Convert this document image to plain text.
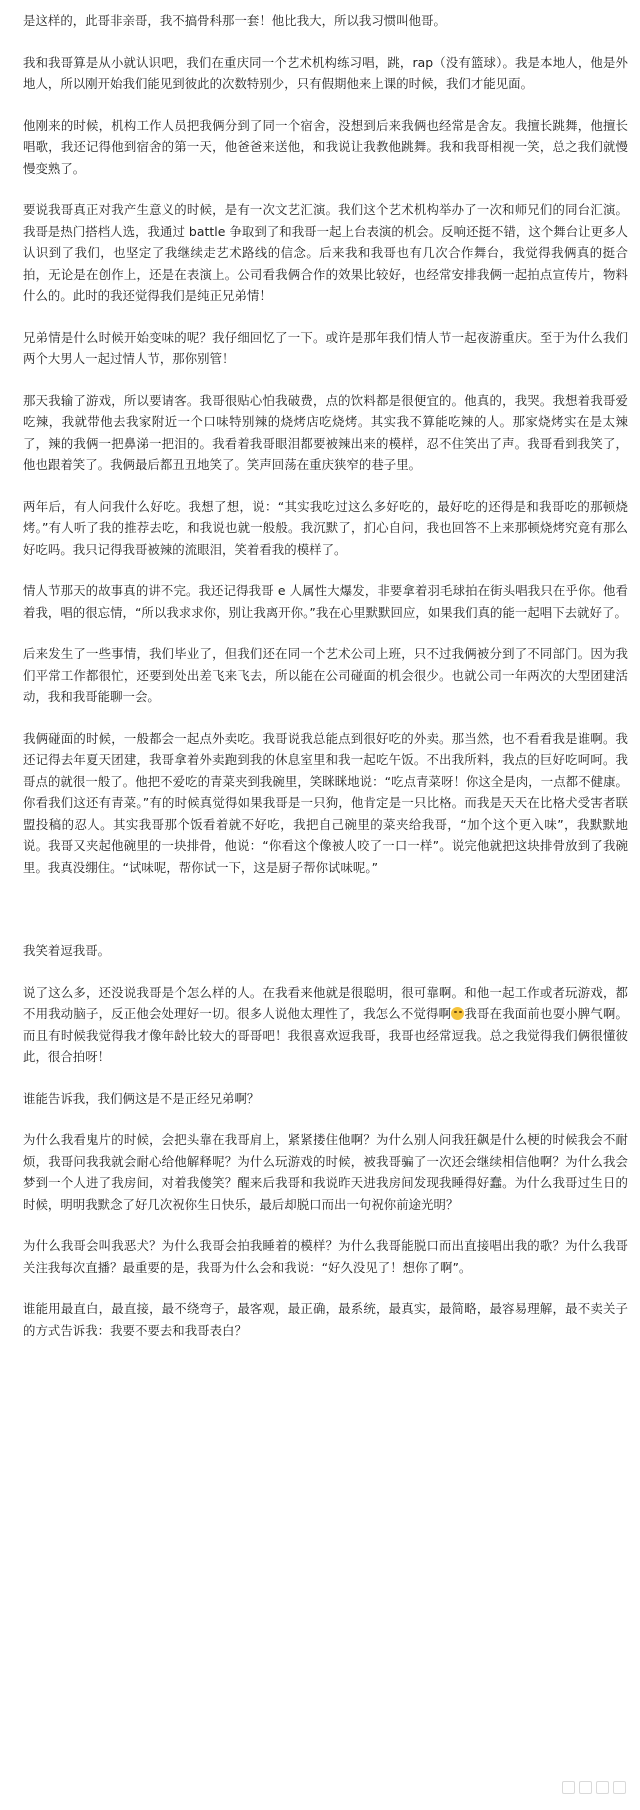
是这样的，此哥非亲哥，我不搞骨科那一套！他比我大，所以我习惯叫他哥。

我和我哥算是从小就认识吧，我们在重庆同一个艺术机构练习唱，跳，rap（没有篮球）。我是本地人，他是外地人，所以刚开始我们能见到彼此的次数特别少，只有假期他来上课的时候，我们才能见面。

他刚来的时候，机构工作人员把我俩分到了同一个宿舍，没想到后来我俩也经常是舍友。我擅长跳舞，他擅长唱歌，我还记得他到宿舍的第一天，他爸爸来送他，和我说让我教他跳舞。我和我哥相视一笑，总之我们就慢慢变熟了。

要说我哥真正对我产生意义的时候，是有一次文艺汇演。我们这个艺术机构举办了一次和师兄们的同台汇演。我哥是热门搭档人选，我通过 battle 争取到了和我哥一起上台表演的机会。反响还挺不错，这个舞台让更多人认识到了我们，也坚定了我继续走艺术路线的信念。后来我和我哥也有几次合作舞台，我觉得我俩真的挺合拍，无论是在创作上，还是在表演上。公司看我俩合作的效果比较好，也经常安排我俩一起拍点宣传片，物料什么的。此时的我还觉得我们是纯正兄弟情！

兄弟情是什么时候开始变味的呢？我仔细回忆了一下。或许是那年我们情人节一起夜游重庆。至于为什么我们两个大男人一起过情人节，那你别管！

那天我输了游戏，所以要请客。我哥很贴心怕我破费，点的饮料都是很便宜的。他真的，我哭。我想着我哥爱吃辣，我就带他去我家附近一个口味特别辣的烧烤店吃烧烤。其实我不算能吃辣的人。那家烧烤实在是太辣了，辣的我俩一把鼻涕一把泪的。我看着我哥眼泪都要被辣出来的模样，忍不住笑出了声。我哥看到我笑了，他也跟着笑了。我俩最后都丑丑地笑了。笑声回荡在重庆狭窄的巷子里。

两年后，有人问我什么好吃。我想了想，说：“其实我吃过这么多好吃的，最好吃的还得是和我哥吃的那顿烧烤。”有人听了我的推荐去吃，和我说也就一般般。我沉默了，扪心自问，我也回答不上来那顿烧烤究竟有那么好吃吗。我只记得我哥被辣的流眼泪，笑着看我的模样了。

情人节那天的故事真的讲不完。我还记得我哥 e 人属性大爆发，非要拿着羽毛球拍在街头唱我只在乎你。他看着我，唱的很忘情，“所以我求求你，别让我离开你。”我在心里默默回应，如果我们真的能一起唱下去就好了。

后来发生了一些事情，我们毕业了，但我们还在同一个艺术公司上班，只不过我俩被分到了不同部门。因为我们平常工作都很忙，还要到处出差飞来飞去，所以能在公司碰面的机会很少。也就公司一年两次的大型团建活动，我和我哥能聊一会。

我俩碰面的时候，一般都会一起点外卖吃。我哥说我总能点到很好吃的外卖。那当然，也不看看我是谁啊。我还记得去年夏天团建，我哥拿着外卖跑到我的休息室里和我一起吃午饭。不出我所料，我点的巨好吃呵呵。我哥点的就很一般了。他把不爱吃的青菜夹到我碗里，笑眯眯地说：“吃点青菜呀！你这全是肉，一点都不健康。你看我们这还有青菜。”有的时候真觉得如果我哥是一只狗，他肯定是一只比格。而我是天天在比格犬受害者联盟投稿的忍人。其实我哥那个饭看着就不好吃，我把自己碗里的菜夹给我哥，“加个这个更入味”，我默默地说。我哥又夹起他碗里的一块排骨，他说：“你看这个像被人咬了一口一样”。说完他就把这块排骨放到了我碗里。我真没绷住。“试味呢，帮你试一下，这是厨子帮你试味呢。”

我笑着逗我哥。

说了这么多，还没说我哥是个怎么样的人。在我看来他就是很聪明，很可靠啊。和他一起工作或者玩游戏，都不用我动脑子，反正他会处理好一切。很多人说他太理性了，我怎么不觉得啊 我哥在我面前也耍小脾气啊。而且有时候我觉得我才像年龄比较大的哥哥吧！我很喜欢逗我哥，我哥也经常逗我。总之我觉得我们俩很懂彼此，很合拍呀！

谁能告诉我，我们俩这是不是正经兄弟啊？

为什么我看鬼片的时候，会把头靠在我哥肩上，紧紧搂住他啊？为什么别人问我狂飙是什么梗的时候我会不耐烦，我哥问我我就会耐心给他解释呢？为什么玩游戏的时候，被我哥骗了一次还会继续相信他啊？为什么我会梦到一个人进了我房间，对着我傻笑？醒来后我哥和我说昨天进我房间发现我睡得好蠢。为什么我哥过生日的时候，明明我默念了好几次祝你生日快乐，最后却脱口而出一句祝你前途光明？

为什么我哥会叫我恶犬？为什么我哥会拍我睡着的模样？为什么我哥能脱口而出直接唱出我的歌？为什么我哥关注我每次直播？最重要的是，我哥为什么会和我说：“好久没见了！想你了啊”。

谁能用最直白，最直接，最不绕弯子，最客观，最正确，最系统，最真实，最简略，最容易理解，最不卖关子的方式告诉我：我要不要去和我哥表白？
